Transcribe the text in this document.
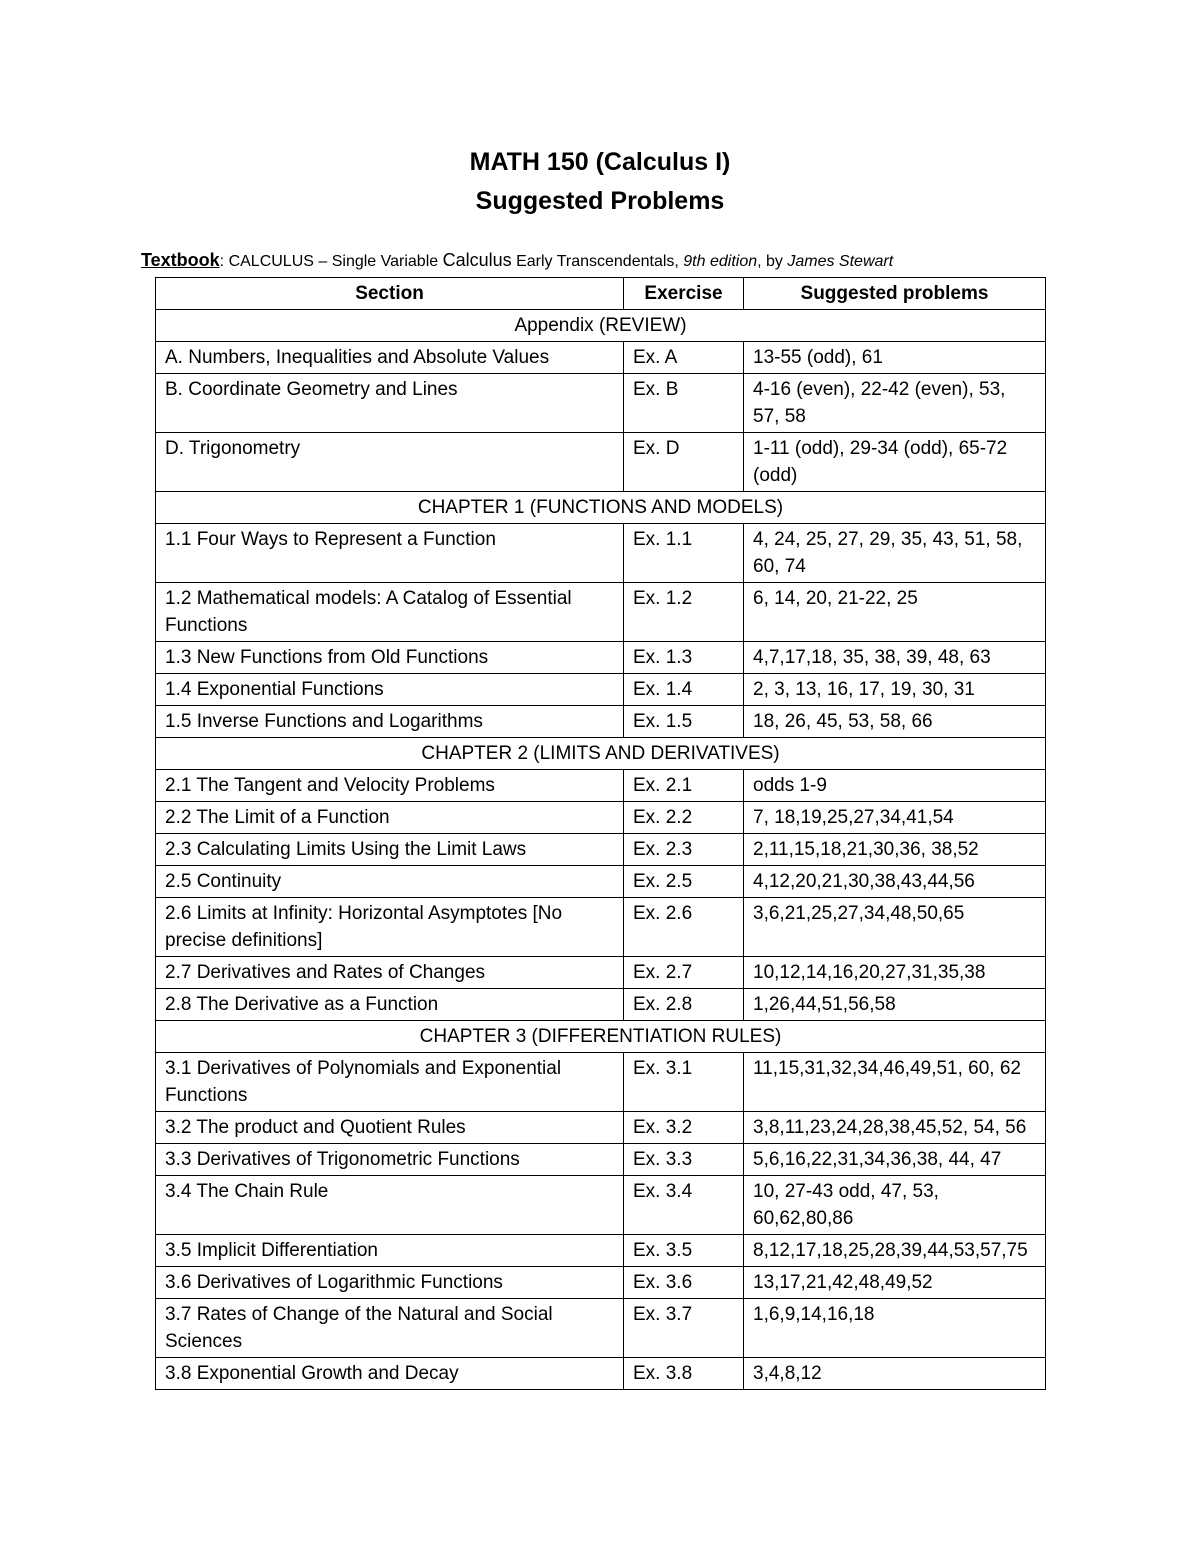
MATH 150 (Calculus I)
Suggested Problems
Textbook: CALCULUS – Single Variable Calculus Early Transcendentals, 9th edition, by James Stewart
Section	Exercise	Suggested problems
Appendix (REVIEW)		
A. Numbers, Inequalities and Absolute Values	Ex. A	13-55 (odd), 61
B. Coordinate Geometry and Lines	Ex. B	4-16 (even), 22-42 (even), 53, 57, 58
D. Trigonometry	Ex. D	1-11 (odd), 29-34 (odd), 65-72 (odd)
CHAPTER 1 (FUNCTIONS AND MODELS)		
1.1 Four Ways to Represent a Function	Ex. 1.1	4, 24, 25, 27, 29, 35, 43, 51, 58, 60, 74
1.2 Mathematical models: A Catalog of Essential Functions	Ex. 1.2	6, 14, 20, 21-22, 25
1.3 New Functions from Old Functions	Ex. 1.3	4,7,17,18, 35, 38, 39, 48, 63
1.4 Exponential Functions	Ex. 1.4	2, 3, 13, 16, 17, 19, 30, 31
1.5 Inverse Functions and Logarithms	Ex. 1.5	18, 26, 45, 53, 58, 66
CHAPTER 2 (LIMITS AND DERIVATIVES)		
2.1 The Tangent and Velocity Problems	Ex. 2.1	odds 1-9
2.2 The Limit of a Function	Ex. 2.2	7, 18,19,25,27,34,41,54
2.3 Calculating Limits Using the Limit Laws	Ex. 2.3	2,11,15,18,21,30,36, 38,52
2.5 Continuity	Ex. 2.5	4,12,20,21,30,38,43,44,56
2.6 Limits at Infinity: Horizontal Asymptotes [No precise definitions]	Ex. 2.6	3,6,21,25,27,34,48,50,65
2.7 Derivatives and Rates of Changes	Ex. 2.7	10,12,14,16,20,27,31,35,38
2.8 The Derivative as a Function	Ex. 2.8	1,26,44,51,56,58
CHAPTER 3 (DIFFERENTIATION RULES)		
3.1 Derivatives of Polynomials and Exponential Functions	Ex. 3.1	11,15,31,32,34,46,49,51, 60, 62
3.2 The product and Quotient Rules	Ex. 3.2	3,8,11,23,24,28,38,45,52, 54, 56
3.3 Derivatives of Trigonometric Functions	Ex. 3.3	5,6,16,22,31,34,36,38, 44, 47
3.4 The Chain Rule	Ex. 3.4	10, 27-43 odd, 47, 53, 60,62,80,86
3.5 Implicit Differentiation	Ex. 3.5	8,12,17,18,25,28,39,44,53,57,75
3.6 Derivatives of Logarithmic Functions	Ex. 3.6	13,17,21,42,48,49,52
3.7 Rates of Change of the Natural and Social Sciences	Ex. 3.7	1,6,9,14,16,18
3.8 Exponential Growth and Decay	Ex. 3.8	3,4,8,12
